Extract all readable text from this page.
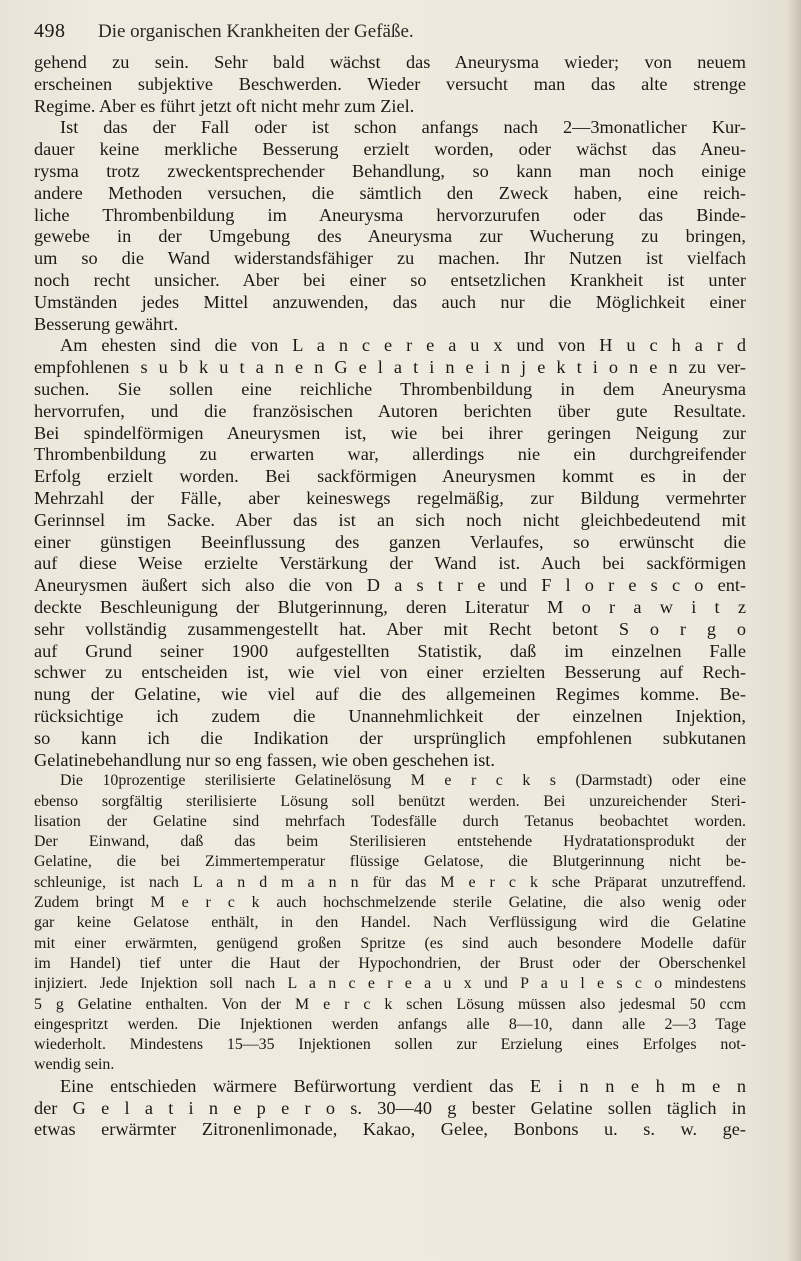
498 Die organischen Krankheiten der Gefäße.
gehend zu sein. Sehr bald wächst das Aneurysma wieder; von neuem
erscheinen subjektive Beschwerden. Wieder versucht man das alte strenge
Regime. Aber es führt jetzt oft nicht mehr zum Ziel.
Ist das der Fall oder ist schon anfangs nach 2—3monatlicher Kur-
dauer keine merkliche Besserung erzielt worden, oder wächst das Aneu-
rysma trotz zweckentsprechender Behandlung, so kann man noch einige
andere Methoden versuchen, die sämtlich den Zweck haben, eine reich-
liche Thrombenbildung im Aneurysma hervorzurufen oder das Binde-
gewebe in der Umgebung des Aneurysma zur Wucherung zu bringen,
um so die Wand widerstandsfähiger zu machen. Ihr Nutzen ist vielfach
noch recht unsicher. Aber bei einer so entsetzlichen Krankheit ist unter
Umständen jedes Mittel anzuwenden, das auch nur die Möglichkeit einer
Besserung gewährt.
Am ehesten sind die von L a n c e r e a u x und von H u c h a r d
empfohlenen s u b k u t a n e n G e l a t i n e i n j e k t i o n e n zu ver-
suchen. Sie sollen eine reichliche Thrombenbildung in dem Aneurysma
hervorrufen, und die französischen Autoren berichten über gute Resultate.
Bei spindelförmigen Aneurysmen ist, wie bei ihrer geringen Neigung zur
Thrombenbildung zu erwarten war, allerdings nie ein durchgreifender
Erfolg erzielt worden. Bei sackförmigen Aneurysmen kommt es in der
Mehrzahl der Fälle, aber keineswegs regelmäßig, zur Bildung vermehrter
Gerinnsel im Sacke. Aber das ist an sich noch nicht gleichbedeutend mit
einer günstigen Beeinflussung des ganzen Verlaufes, so erwünscht die
auf diese Weise erzielte Verstärkung der Wand ist. Auch bei sackförmigen
Aneurysmen äußert sich also die von D a s t r e und F l o r e s c o ent-
deckte Beschleunigung der Blutgerinnung, deren Literatur M o r a w i t z
sehr vollständig zusammengestellt hat. Aber mit Recht betont S o r g o
auf Grund seiner 1900 aufgestellten Statistik, daß im einzelnen Falle
schwer zu entscheiden ist, wie viel von einer erzielten Besserung auf Rech-
nung der Gelatine, wie viel auf die des allgemeinen Regimes komme. Be-
rücksichtige ich zudem die Unannehmlichkeit der einzelnen Injektion,
so kann ich die Indikation der ursprünglich empfohlenen subkutanen
Gelatinebehandlung nur so eng fassen, wie oben geschehen ist.
Die 10prozentige sterilisierte Gelatinelösung M e r c k s (Darmstadt) oder eine
ebenso sorgfältig sterilisierte Lösung soll benützt werden. Bei unzureichender Steri-
lisation der Gelatine sind mehrfach Todesfälle durch Tetanus beobachtet worden.
Der Einwand, daß das beim Sterilisieren entstehende Hydratationsprodukt der
Gelatine, die bei Zimmertemperatur flüssige Gelatose, die Blutgerinnung nicht be-
schleunige, ist nach L a n d m a n n für das M e r c k sche Präparat unzutreffend.
Zudem bringt M e r c k auch hochschmelzende sterile Gelatine, die also wenig oder
gar keine Gelatose enthält, in den Handel. Nach Verflüssigung wird die Gelatine
mit einer erwärmten, genügend großen Spritze (es sind auch besondere Modelle dafür
im Handel) tief unter die Haut der Hypochondrien, der Brust oder der Oberschenkel
injiziert. Jede Injektion soll nach L a n c e r e a u x und P a u l e s c o mindestens
5 g Gelatine enthalten. Von der M e r c k schen Lösung müssen also jedesmal 50 ccm
eingespritzt werden. Die Injektionen werden anfangs alle 8—10, dann alle 2—3 Tage
wiederholt. Mindestens 15—35 Injektionen sollen zur Erzielung eines Erfolges not-
wendig sein.
Eine entschieden wärmere Befürwortung verdient das E i n n e h m e n
der G e l a t i n e p e r o s. 30—40 g bester Gelatine sollen täglich in
etwas erwärmter Zitronenlimonade, Kakao, Gelee, Bonbons u. s. w. ge-
